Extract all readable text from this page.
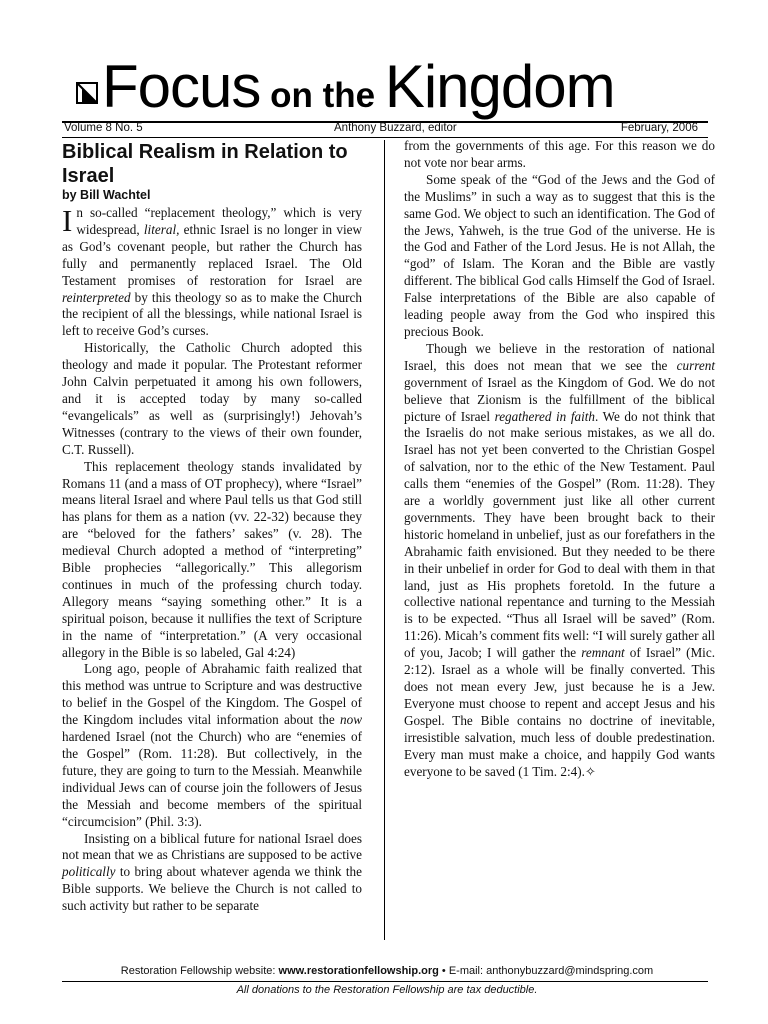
Focus on the Kingdom
Volume 8 No. 5	Anthony Buzzard, editor	February, 2006
Biblical Realism in Relation to Israel
by Bill Wachtel

In so-called “replacement theology,” which is very widespread, literal, ethnic Israel is no longer in view as God’s covenant people, but rather the Church has fully and permanently replaced Israel. The Old Testament promises of restoration for Israel are reinterpreted by this theology so as to make the Church the recipient of all the blessings, while national Israel is left to receive God’s curses.

Historically, the Catholic Church adopted this theology and made it popular. The Protestant reformer John Calvin perpetuated it among his own followers, and it is accepted today by many so-called “evangelicals” as well as (surprisingly!) Jehovah’s Witnesses (contrary to the views of their own founder, C.T. Russell).

This replacement theology stands invalidated by Romans 11 (and a mass of OT prophecy), where “Israel” means literal Israel and where Paul tells us that God still has plans for them as a nation (vv. 22-32) because they are “beloved for the fathers’ sakes” (v. 28). The medieval Church adopted a method of “interpreting” Bible prophecies “allegorically.” This allegorism continues in much of the professing church today. Allegory means “saying something other.” It is a spiritual poison, because it nullifies the text of Scripture in the name of “interpretation.” (A very occasional allegory in the Bible is so labeled, Gal 4:24)

Long ago, people of Abrahamic faith realized that this method was untrue to Scripture and was destructive to belief in the Gospel of the Kingdom. The Gospel of the Kingdom includes vital information about the now hardened Israel (not the Church) who are “enemies of the Gospel” (Rom. 11:28). But collectively, in the future, they are going to turn to the Messiah. Meanwhile individual Jews can of course join the followers of Jesus the Messiah and become members of the spiritual “circumcision” (Phil. 3:3).

Insisting on a biblical future for national Israel does not mean that we as Christians are supposed to be active politically to bring about whatever agenda we think the Bible supports. We believe the Church is not called to such activity but rather to be separate

from the governments of this age. For this reason we do not vote nor bear arms.

Some speak of the “God of the Jews and the God of the Muslims” in such a way as to suggest that this is the same God. We object to such an identification. The God of the Jews, Yahweh, is the true God of the universe. He is the God and Father of the Lord Jesus. He is not Allah, the “god” of Islam. The Koran and the Bible are vastly different. The biblical God calls Himself the God of Israel. False interpretations of the Bible are also capable of leading people away from the God who inspired this precious Book.

Though we believe in the restoration of national Israel, this does not mean that we see the current government of Israel as the Kingdom of God. We do not believe that Zionism is the fulfillment of the biblical picture of Israel regathered in faith. We do not think that the Israelis do not make serious mistakes, as we all do. Israel has not yet been converted to the Christian Gospel of salvation, nor to the ethic of the New Testament. Paul calls them “enemies of the Gospel” (Rom. 11:28). They are a worldly government just like all other current governments. They have been brought back to their historic homeland in unbelief, just as our forefathers in the Abrahamic faith envisioned. But they needed to be there in their unbelief in order for God to deal with them in that land, just as His prophets foretold. In the future a collective national repentance and turning to the Messiah is to be expected. “Thus all Israel will be saved” (Rom. 11:26). Micah’s comment fits well: “I will surely gather all of you, Jacob; I will gather the remnant of Israel” (Mic. 2:12). Israel as a whole will be finally converted. This does not mean every Jew, just because he is a Jew. Everyone must choose to repent and accept Jesus and his Gospel. The Bible contains no doctrine of inevitable, irresistible salvation, much less of double predestination. Every man must make a choice, and happily God wants everyone to be saved (1 Tim. 2:4).✧

Restoration Fellowship website: www.restorationfellowship.org • E-mail: anthonybuzzard@mindspring.com
All donations to the Restoration Fellowship are tax deductible.
